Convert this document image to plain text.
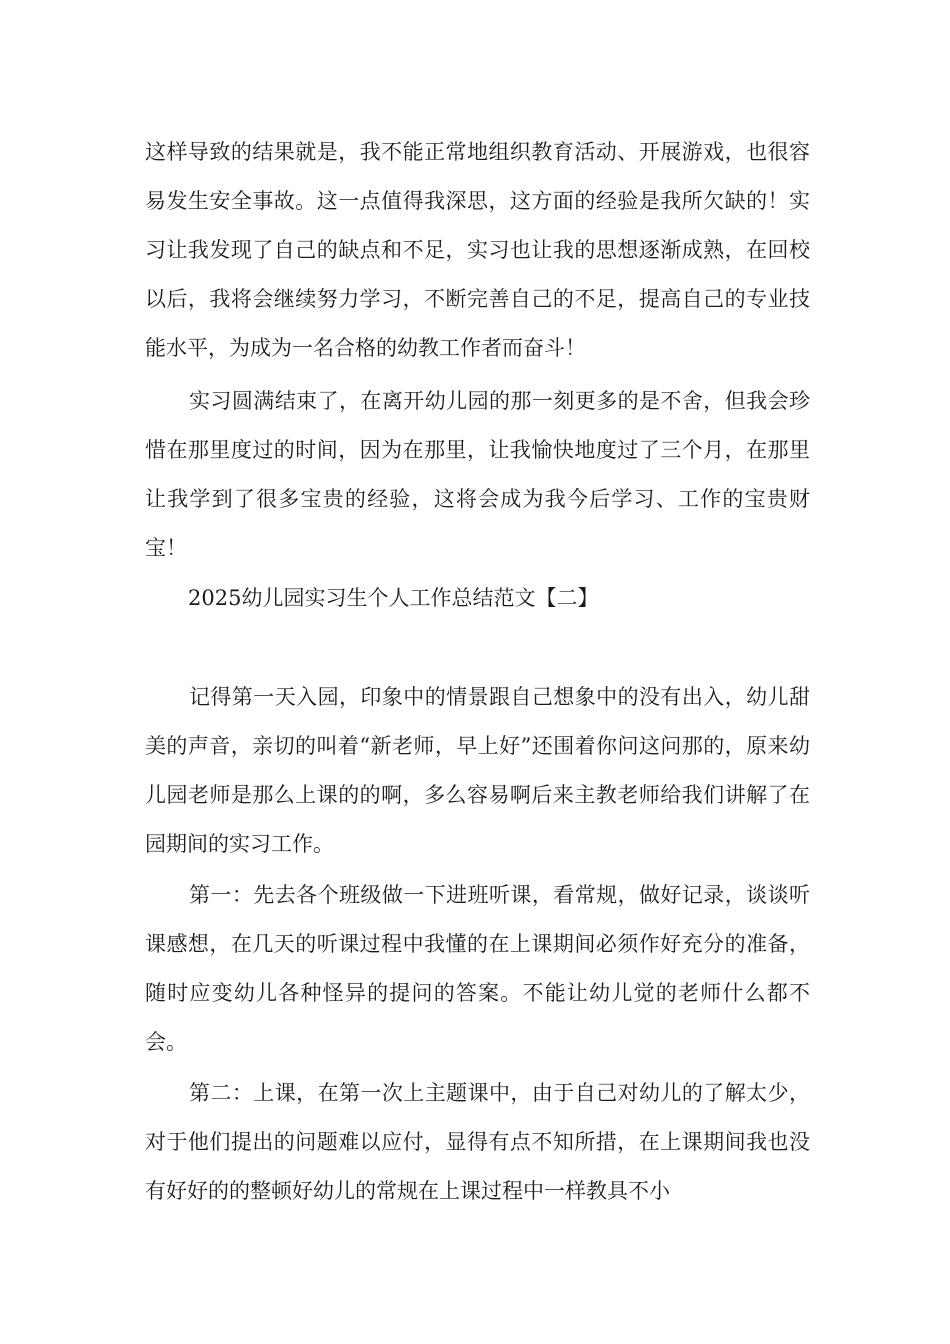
这样导致的结果就是，我不能正常地组织教育活动、开展游戏，也很容易发生安全事故。这一点值得我深思，这方面的经验是我所欠缺的！实习让我发现了自己的缺点和不足，实习也让我的思想逐渐成熟，在回校以后，我将会继续努力学习，不断完善自己的不足，提高自己的专业技能水平，为成为一名合格的幼教工作者而奋斗！

实习圆满结束了，在离开幼儿园的那一刻更多的是不舍，但我会珍惜在那里度过的时间，因为在那里，让我愉快地度过了三个月，在那里让我学到了很多宝贵的经验，这将会成为我今后学习、工作的宝贵财宝！

2025幼儿园实习生个人工作总结范文【二】

记得第一天入园，印象中的情景跟自己想象中的没有出入，幼儿甜美的声音，亲切的叫着“新老师，早上好”还围着你问这问那的，原来幼儿园老师是那么上课的的啊，多么容易啊后来主教老师给我们讲解了在园期间的实习工作。

第一：先去各个班级做一下进班听课，看常规，做好记录，谈谈听课感想，在几天的听课过程中我懂的在上课期间必须作好充分的准备，随时应变幼儿各种怪异的提问的答案。不能让幼儿觉的老师什么都不会。

第二：上课，在第一次上主题课中，由于自己对幼儿的了解太少，对于他们提出的问题难以应付，显得有点不知所措，在上课期间我也没有好好的的整顿好幼儿的常规在上课过程中一样教具不小
